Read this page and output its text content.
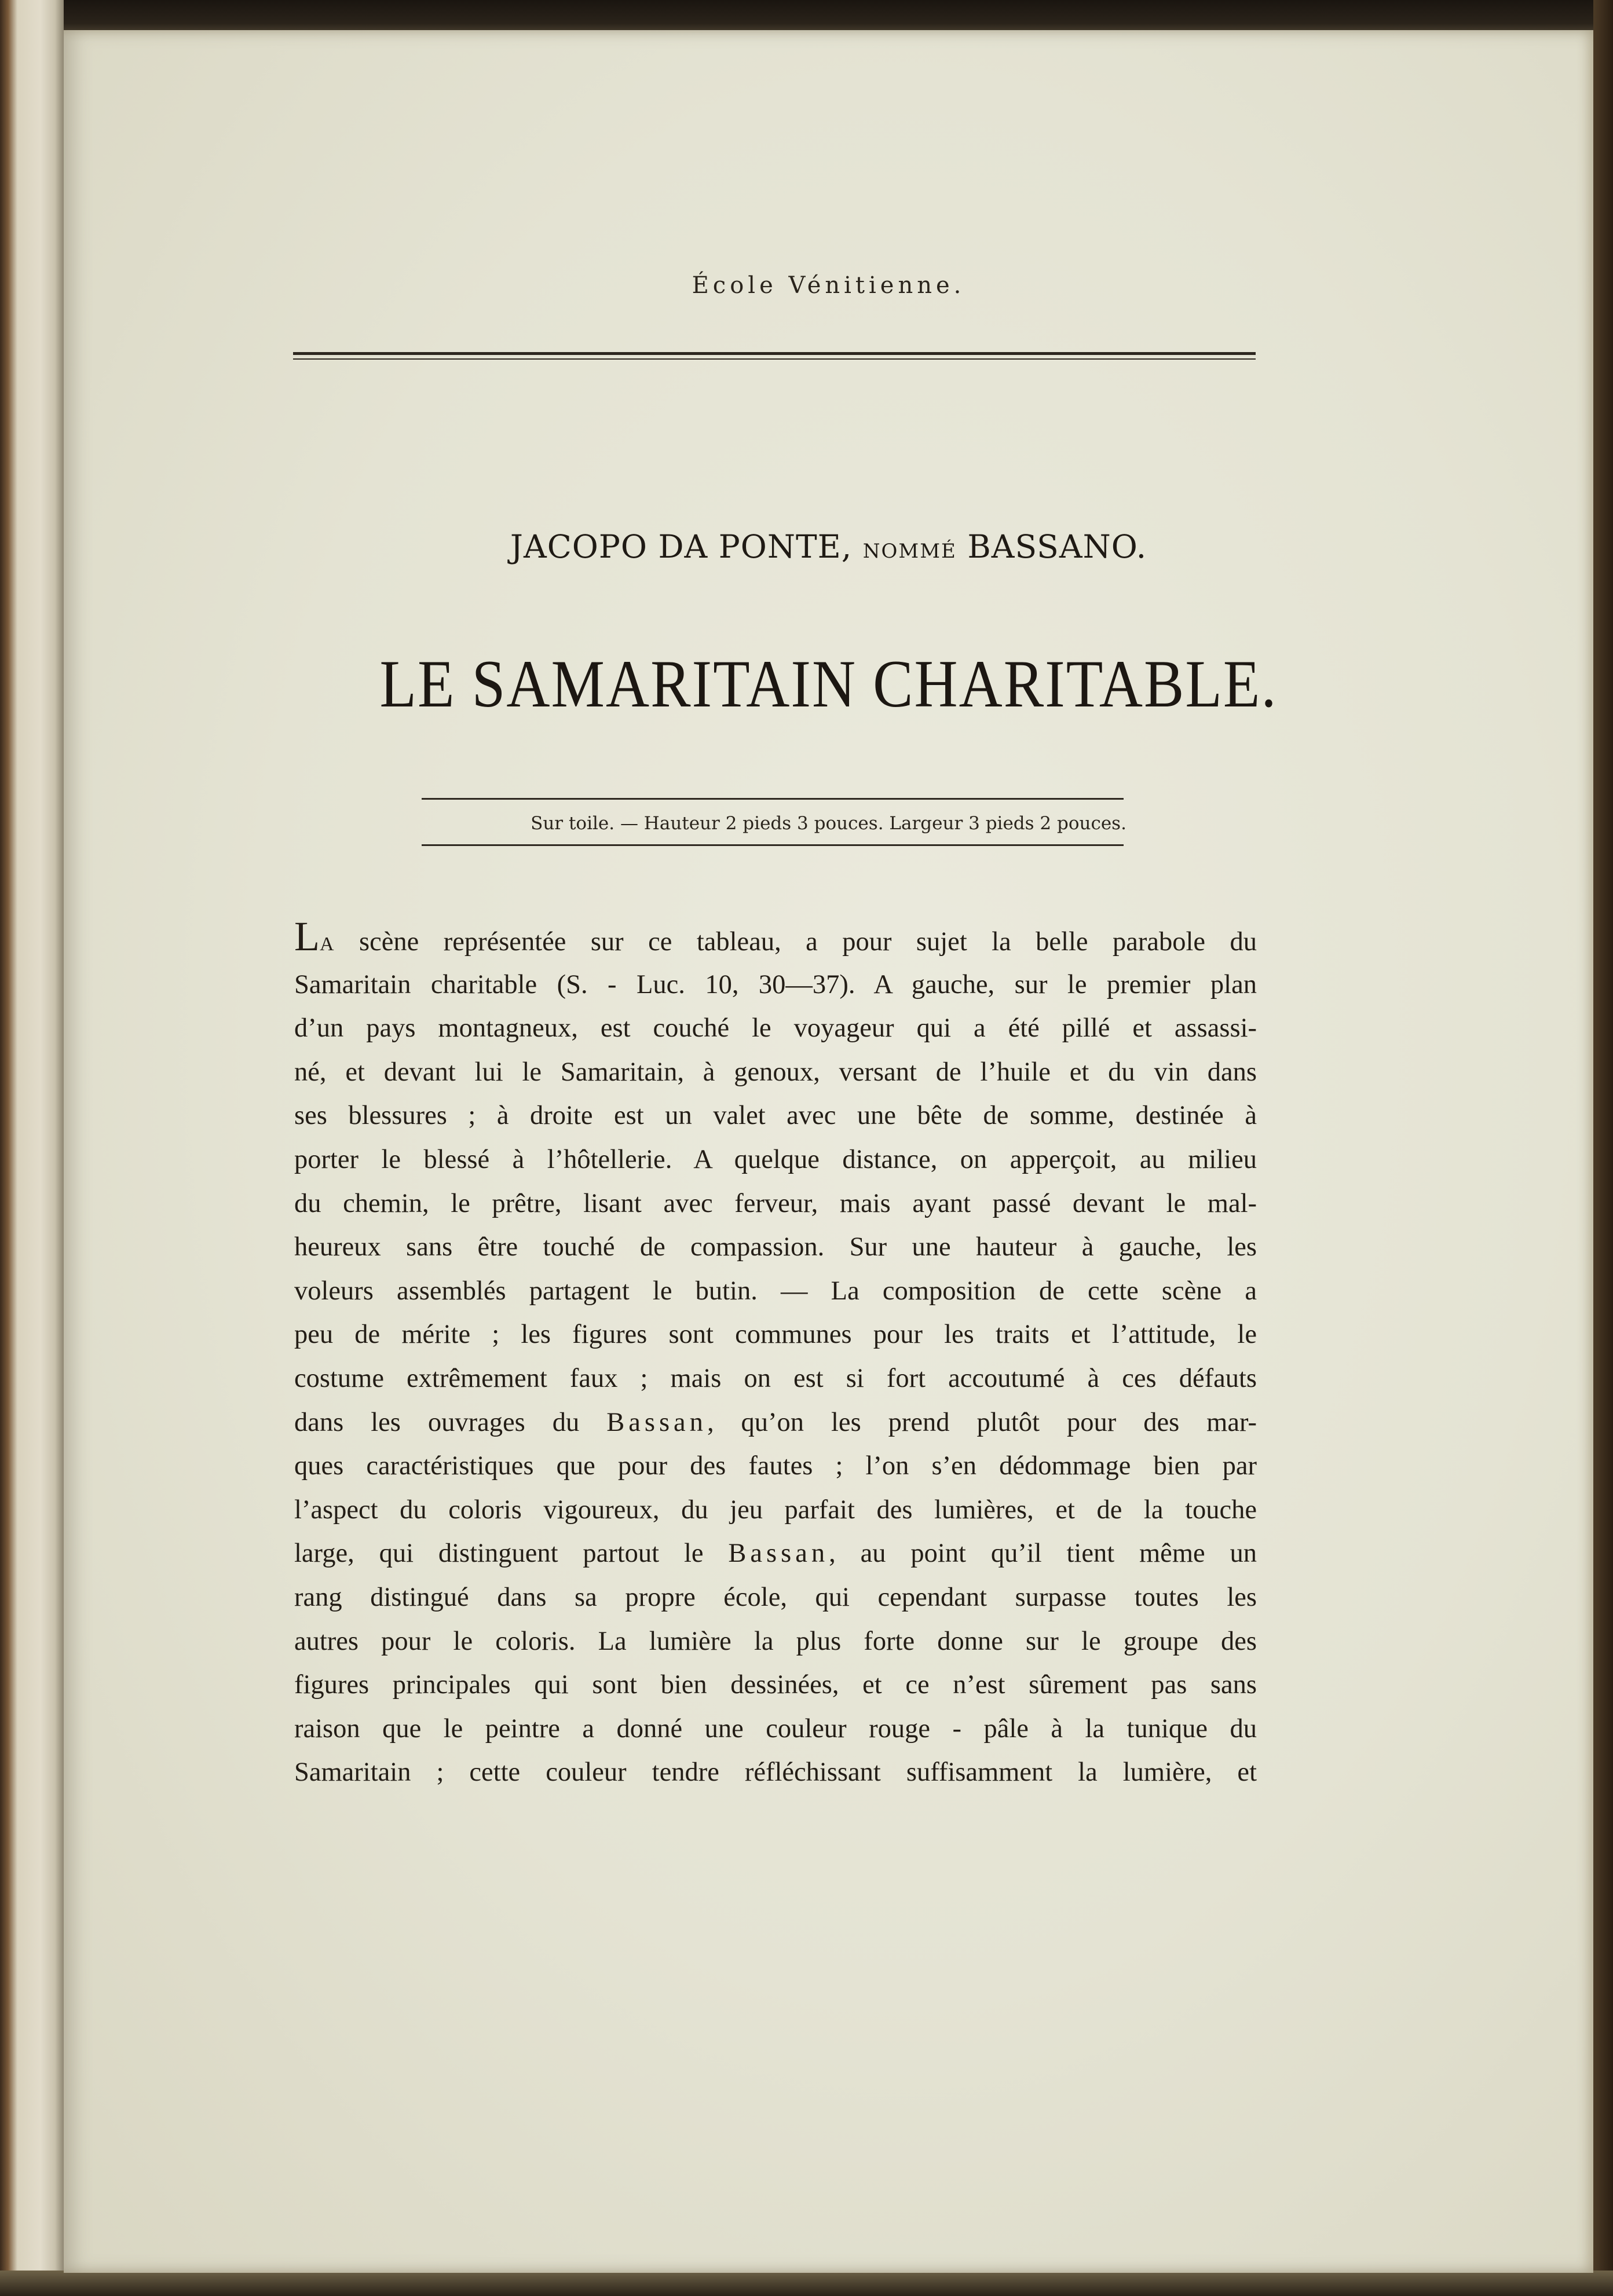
École Vénitienne.
JACOPO DA PONTE, NOMMÉ BASSANO.
LE SAMARITAIN CHARITABLE.
Sur toile. — Hauteur 2 pieds 3 pouces. Largeur 3 pieds 2 pouces.
LA scène représentée sur ce tableau, a pour sujet la belle parabole du
Samaritain charitable (S. - Luc. 10, 30—37). A gauche, sur le premier plan
d’un pays montagneux, est couché le voyageur qui a été pillé et assassi-
né, et devant lui le Samaritain, à genoux, versant de l’huile et du vin dans
ses blessures ; à droite est un valet avec une bête de somme, destinée à
porter le blessé à l’hôtellerie. A quelque distance, on apperçoit, au milieu
du chemin, le prêtre, lisant avec ferveur, mais ayant passé devant le mal-
heureux sans être touché de compassion. Sur une hauteur à gauche, les
voleurs assemblés partagent le butin. — La composition de cette scène a
peu de mérite ; les figures sont communes pour les traits et l’attitude, le
costume extrêmement faux ; mais on est si fort accoutumé à ces défauts
dans les ouvrages du Bassan, qu’on les prend plutôt pour des mar-
ques caractéristiques que pour des fautes ; l’on s’en dédommage bien par
l’aspect du coloris vigoureux, du jeu parfait des lumières, et de la touche
large, qui distinguent partout le Bassan, au point qu’il tient même un
rang distingué dans sa propre école, qui cependant surpasse toutes les
autres pour le coloris. La lumière la plus forte donne sur le groupe des
figures principales qui sont bien dessinées, et ce n’est sûrement pas sans
raison que le peintre a donné une couleur rouge - pâle à la tunique du
Samaritain ; cette couleur tendre réfléchissant suffisamment la lumière, et
